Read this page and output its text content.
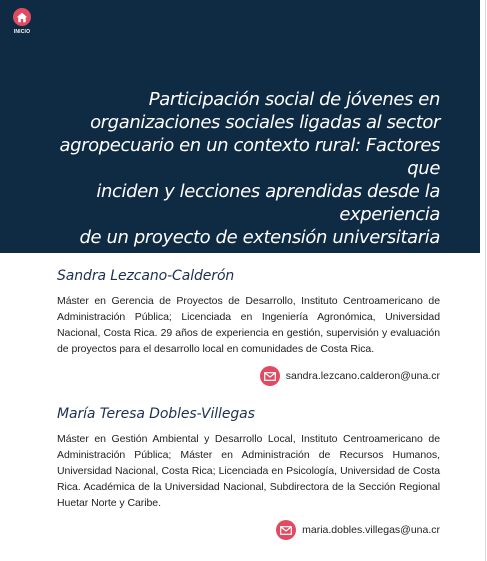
INICIO
Participación social de jóvenes en
organizaciones sociales ligadas al sector
agropecuario en un contexto rural: Factores que
inciden y lecciones aprendidas desde la experiencia
de un proyecto de extensión universitaria
Sandra Lezcano-Calderón
Máster en Gerencia de Proyectos de Desarrollo, Instituto Centroamericano de Administración Pública; Licenciada en Ingeniería Agronómica, Universidad Nacional, Costa Rica. 29 años de experiencia en gestión, supervisión y evaluación de proyectos para el desarrollo local en comunidades de Costa Rica.
sandra.lezcano.calderon@una.cr
María Teresa Dobles-Villegas
Máster en Gestión Ambiental y Desarrollo Local, Instituto Centroamericano de Administración Pública; Máster en Administración de Recursos Humanos, Universidad Nacional, Costa Rica; Licenciada en Psicología, Universidad de Costa Rica. Académica de la Universidad Nacional, Subdirectora de la Sección Regional Huetar Norte y Caribe.
maria.dobles.villegas@una.cr
